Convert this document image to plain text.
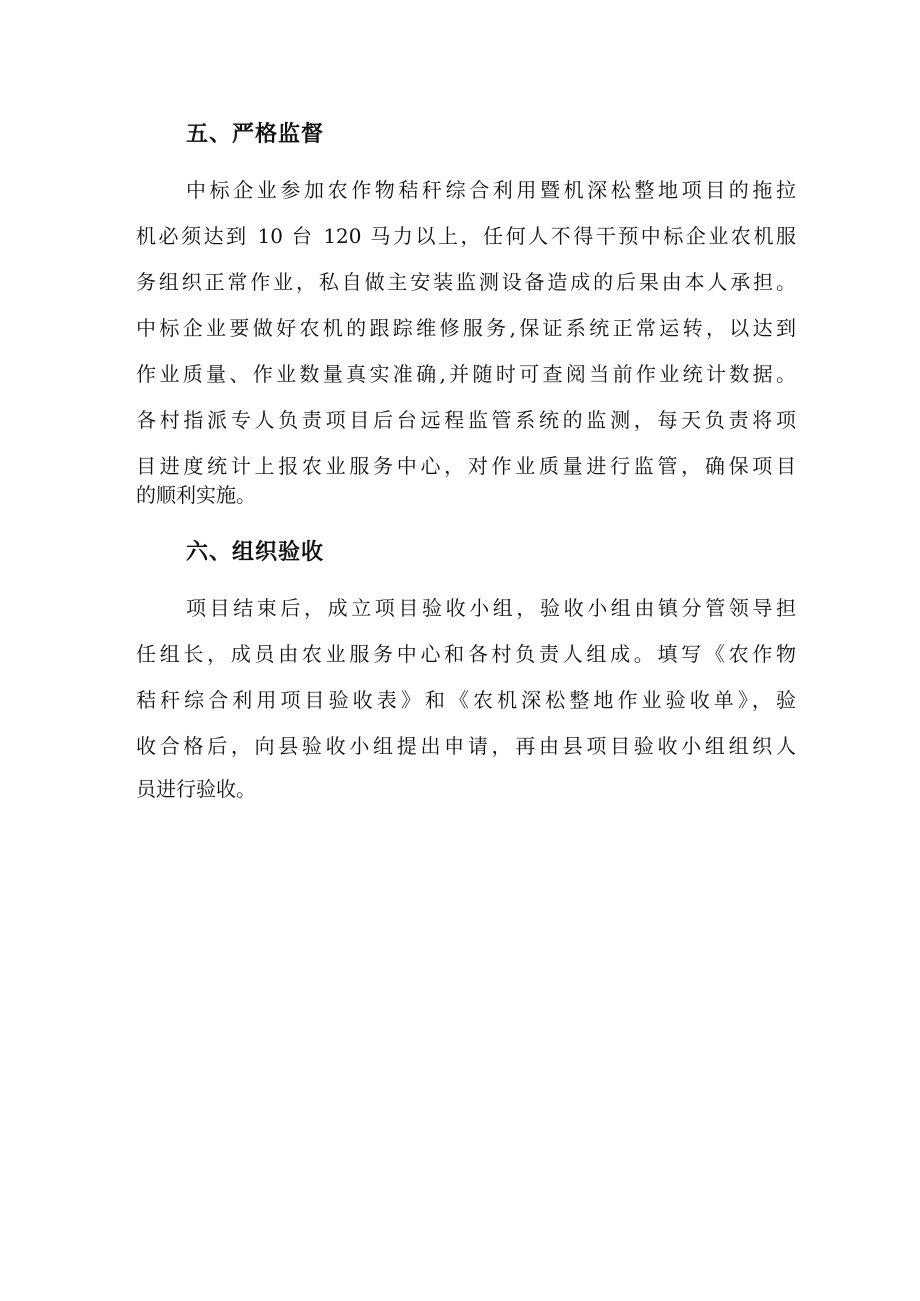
五、严格监督

中标企业参加农作物秸秆综合利用暨机深松整地项目的拖拉

机必须达到 10 台 120 马力以上，任何人不得干预中标企业农机服

务组织正常作业，私自做主安装监测设备造成的后果由本人承担。

中标企业要做好农机的跟踪维修服务,保证系统正常运转，以达到

作业质量、作业数量真实准确,并随时可查阅当前作业统计数据。

各村指派专人负责项目后台远程监管系统的监测，每天负责将项

目进度统计上报农业服务中心，对作业质量进行监管，确保项目

的顺利实施。

六、组织验收

项目结束后，成立项目验收小组，验收小组由镇分管领导担

任组长，成员由农业服务中心和各村负责人组成。填写《农作物

秸秆综合利用项目验收表》和《农机深松整地作业验收单》，验

收合格后，向县验收小组提出申请，再由县项目验收小组组织人

员进行验收。
